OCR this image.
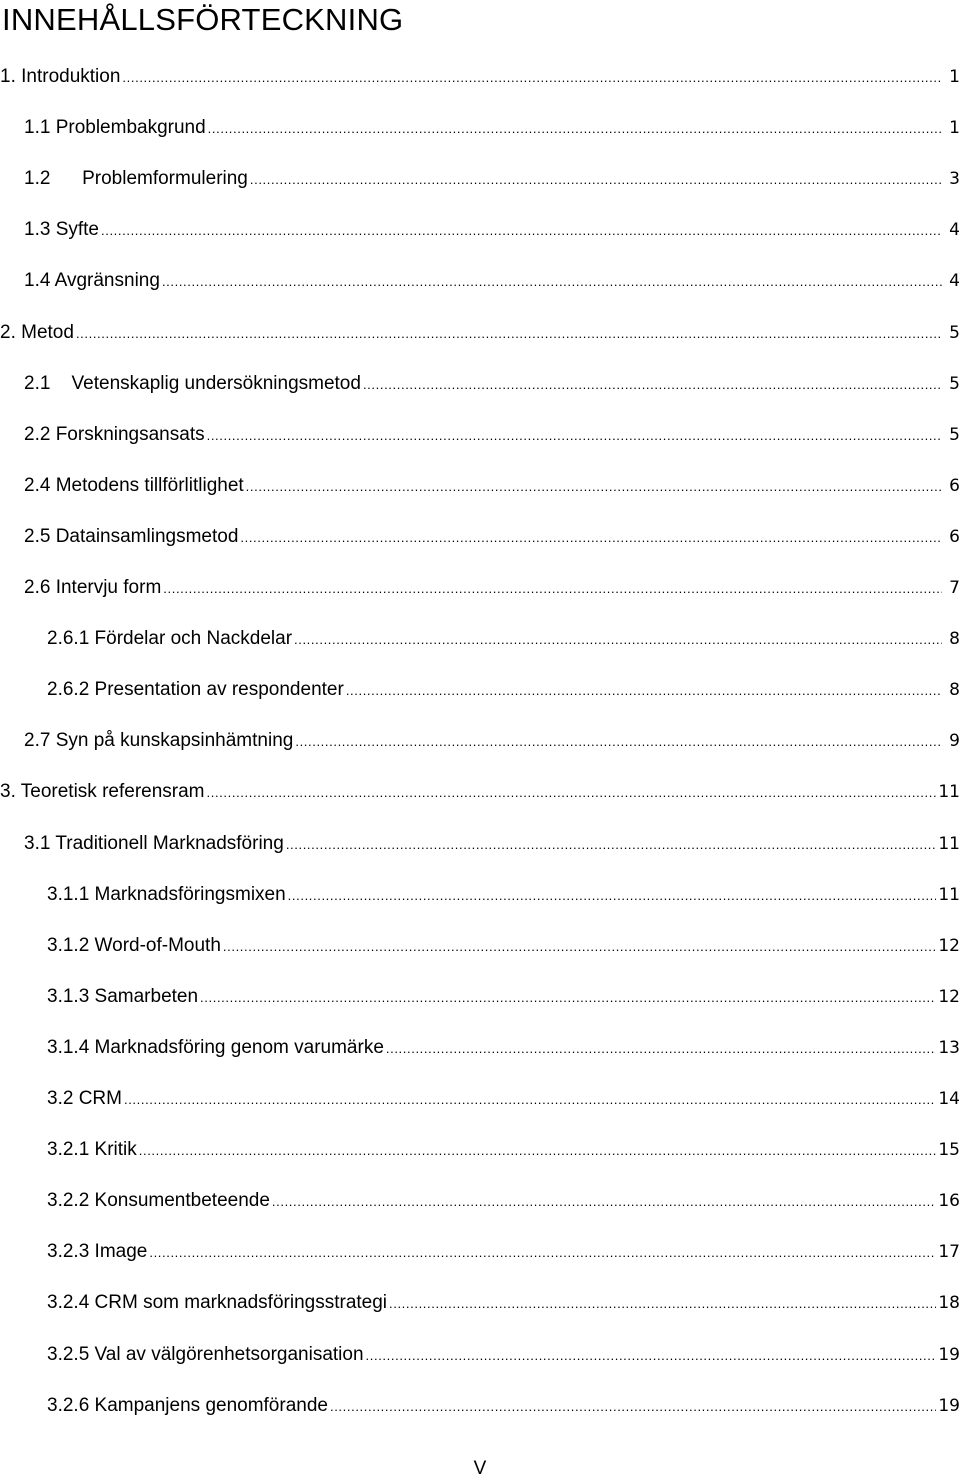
INNEHÅLLSFÖRTECKNING
1. Introduktion . . .	1
1.1 Problembakgrund . . .	1
1.2      Problemformulering . . .	3
1.3 Syfte . . .	4
1.4 Avgränsning . . .	4
2. Metod . . .	5
2.1    Vetenskaplig undersökningsmetod . . .	5
2.2 Forskningsansats . . .	5
2.4 Metodens tillförlitlighet . . .	6
2.5 Datainsamlingsmetod . . .	6
2.6 Intervju form . . .	7
2.6.1 Fördelar och Nackdelar . . .	8
2.6.2 Presentation av respondenter . . .	8
2.7 Syn på kunskapsinhämtning . . .	9
3. Teoretisk referensram . . .	11
3.1 Traditionell Marknadsföring . . .	11
3.1.1 Marknadsföringsmixen . . .	11
3.1.2 Word-of-Mouth . . .	12
3.1.3 Samarbeten . . .	12
3.1.4 Marknadsföring genom varumärke . . .	13
3.2 CRM . . .	14
3.2.1 Kritik . . .	15
3.2.2 Konsumentbeteende . . .	16
3.2.3 Image . . .	17
3.2.4 CRM som marknadsföringsstrategi . . .	18
3.2.5 Val av välgörenhetsorganisation . . .	19
3.2.6 Kampanjens genomförande . . .	19
V
